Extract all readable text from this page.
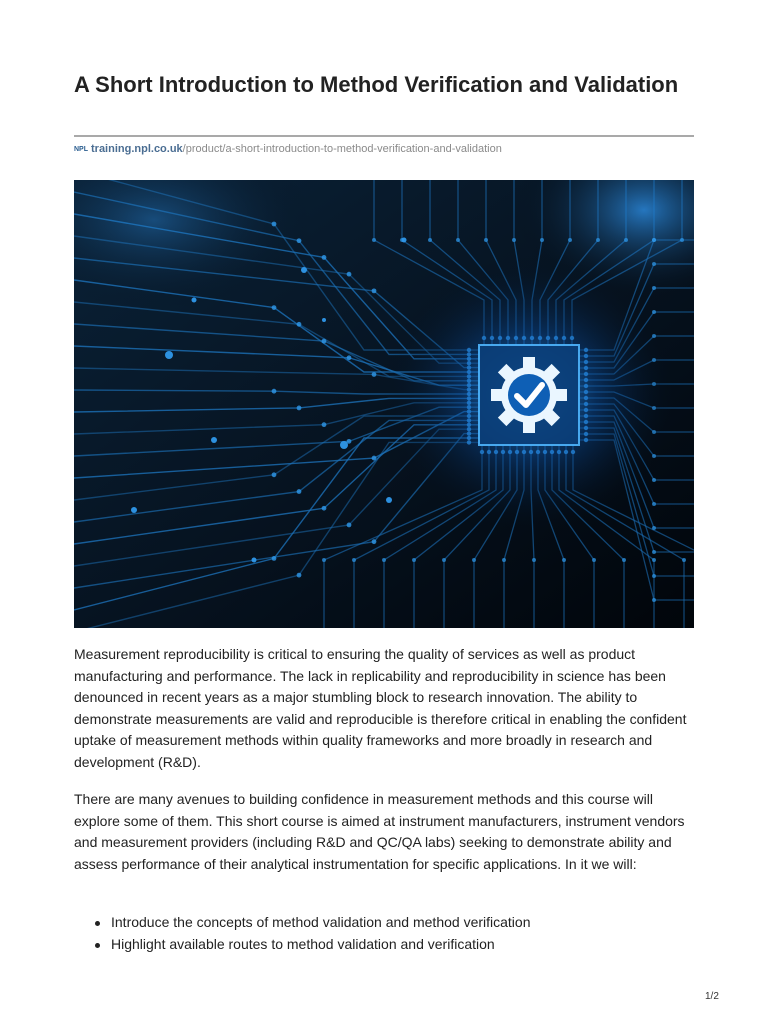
A Short Introduction to Method Verification and Validation
NPL training.npl.co.uk/product/a-short-introduction-to-method-verification-and-validation

Measurement reproducibility is critical to ensuring the quality of services as well as product manufacturing and performance. The lack in replicability and reproducibility in science has been denounced in recent years as a major stumbling block to research innovation. The ability to demonstrate measurements are valid and reproducible is therefore critical in enabling the confident uptake of measurement methods within quality frameworks and more broadly in research and development (R&D).

There are many avenues to building confidence in measurement methods and this course will explore some of them. This short course is aimed at instrument manufacturers, instrument vendors and measurement providers (including R&D and QC/QA labs) seeking to demonstrate ability and assess performance of their analytical instrumentation for specific applications. In it we will:

Introduce the concepts of method validation and method verification
Highlight available routes to method validation and verification
1/2
